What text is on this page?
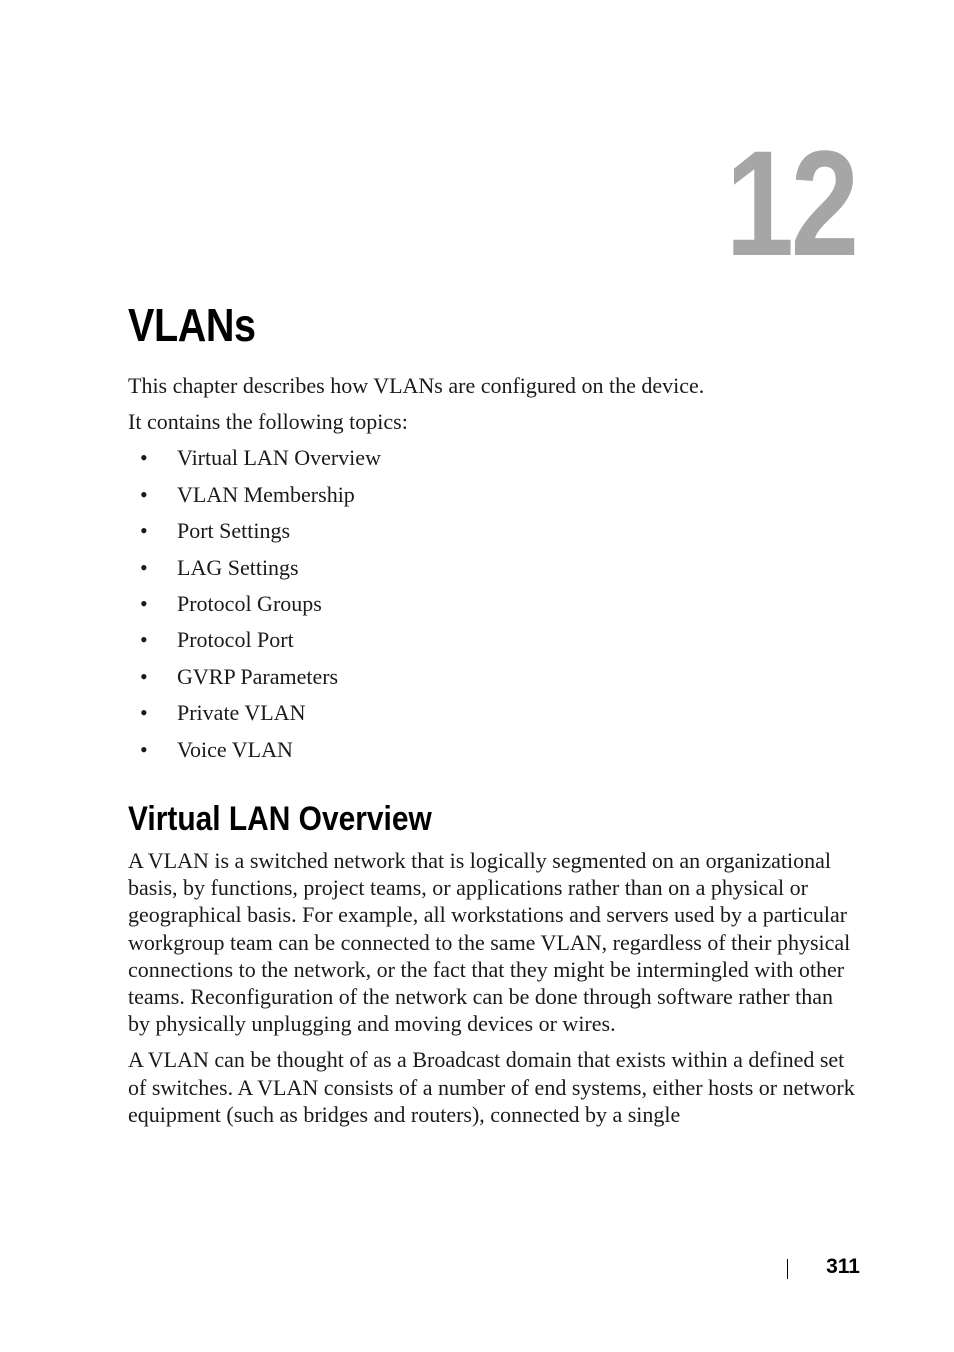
12
VLANs

This chapter describes how VLANs are configured on the device.

It contains the following topics:

• Virtual LAN Overview
• VLAN Membership
• Port Settings
• LAG Settings
• Protocol Groups
• Protocol Port
• GVRP Parameters
• Private VLAN
• Voice VLAN
Virtual LAN Overview

A VLAN is a switched network that is logically segmented on an organizational basis, by functions, project teams, or applications rather than on a physical or geographical basis. For example, all workstations and servers used by a particular workgroup team can be connected to the same VLAN, regardless of their physical connections to the network, or the fact that they might be intermingled with other teams. Reconfiguration of the network can be done through software rather than by physically unplugging and moving devices or wires.

A VLAN can be thought of as a Broadcast domain that exists within a defined set of switches. A VLAN consists of a number of end systems, either hosts or network equipment (such as bridges and routers), connected by a single

311
